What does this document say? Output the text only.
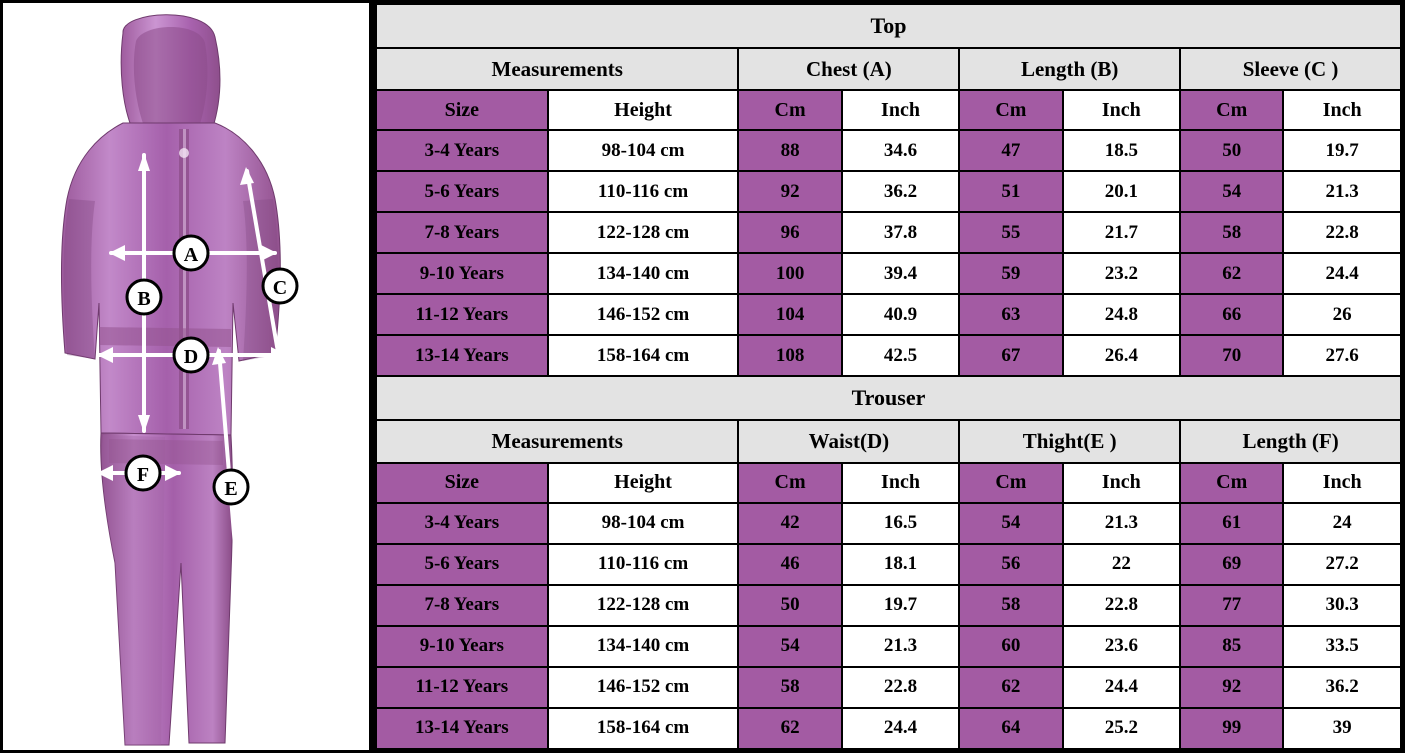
A
B	C
D
E
F
Top							
Measurements		Chest (A)		Length (B)		Sleeve (C )	
Size	Height	Cm	Inch	Cm	Inch	Cm	Inch
3-4 Years	98-104 cm	88	34.6	47	18.5	50	19.7
5-6 Years	110-116 cm	92	36.2	51	20.1	54	21.3
7-8 Years	122-128 cm	96	37.8	55	21.7	58	22.8
9-10 Years	134-140 cm	100	39.4	59	23.2	62	24.4
11-12 Years	146-152 cm	104	40.9	63	24.8	66	26
13-14 Years	158-164 cm	108	42.5	67	26.4	70	27.6
Trouser							
Measurements		Waist(D)		Thight(E )		Length (F)	
Size	Height	Cm	Inch	Cm	Inch	Cm	Inch
3-4 Years	98-104 cm	42	16.5	54	21.3	61	24
5-6 Years	110-116 cm	46	18.1	56	22	69	27.2
7-8 Years	122-128 cm	50	19.7	58	22.8	77	30.3
9-10 Years	134-140 cm	54	21.3	60	23.6	85	33.5
11-12 Years	146-152 cm	58	22.8	62	24.4	92	36.2
13-14 Years	158-164 cm	62	24.4	64	25.2	99	39
